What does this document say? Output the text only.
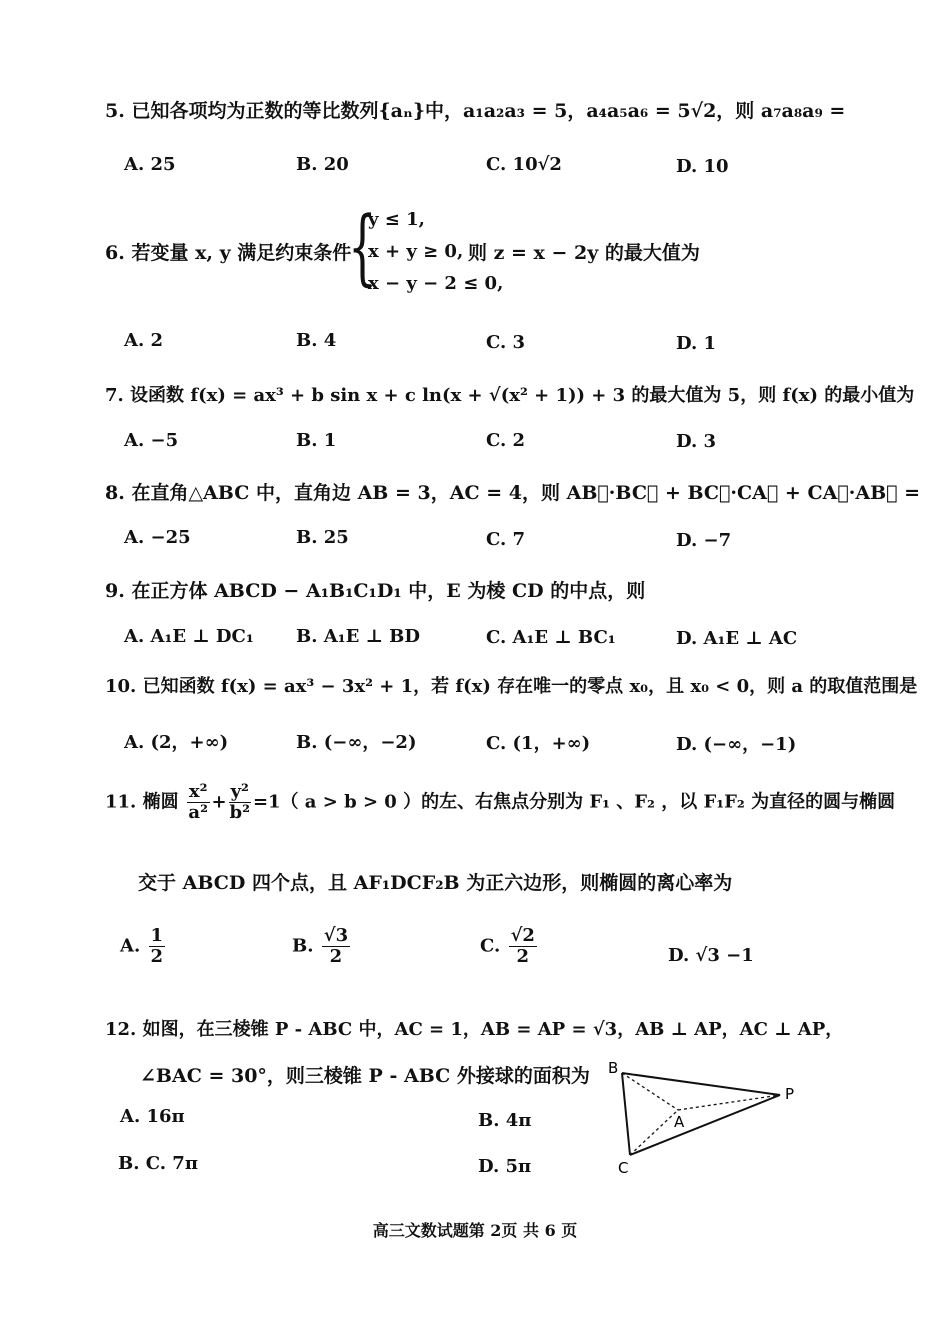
5. 已知各项均为正数的等比数列{aₙ}中，a₁a₂a₃ = 5，a₄a₅a₆ = 5√2，则 a₇a₈a₉ =
A. 25	B. 20	C. 10√2	D. 10
6. 若变量 x, y 满足约束条件
{
y ≤ 1,
x + y ≥ 0,
x − y − 2 ≤ 0,
则 z = x − 2y 的最大值为
A. 2	B. 4	C. 3	D. 1
7. 设函数 f(x) = ax³ + b sin x + c ln(x + √(x² + 1)) + 3 的最大值为 5，则 f(x) 的最小值为
A. −5	B. 1	C. 2	D. 3
8. 在直角△ABC 中，直角边 AB = 3，AC = 4，则 AB⃗·BC⃗ + BC⃗·CA⃗ + CA⃗·AB⃗ =
A. −25	B. 25	C. 7	D. −7
9. 在正方体 ABCD − A₁B₁C₁D₁ 中，E 为棱 CD 的中点，则
A. A₁E ⊥ DC₁ B. A₁E ⊥ BD	C. A₁E ⊥ BC₁	D. A₁E ⊥ AC
10. 已知函数 f(x) = ax³ − 3x² + 1，若 f(x) 存在唯一的零点 x₀，且 x₀ < 0，则 a 的取值范围是
A. (2，+∞)	B. (−∞，−2)	C. (1，+∞)	D. (−∞，−1)
11. 椭圆 $\frac{\text{x²}}{\text{a²}} + \frac{\text{y²}}{\text{b²}} =1$（ a > b > 0 ）的左、右焦点分别为 F₁ 、F₂ ，以 F₁F₂ 为直径的圆与椭圆
交于 ABCD 四个点，且 AF₁DCF₂B 为正六边形，则椭圆的离心率为
A. $\frac{1}{2}$	B. $\frac{√3}{2}$	C. $\frac{√2}{2}$	D. √3 −1
12. 如图，在三棱锥 P - ABC 中，AC = 1，AB = AP = √3，AB ⊥ AP，AC ⊥ AP，
∠BAC = 30°，则三棱锥 P - ABC 外接球的面积为
A. 16π	B. 4π
B. C. 7π	D. 5π
B
P
A
C
高三文数试题第 2页 共 6 页
